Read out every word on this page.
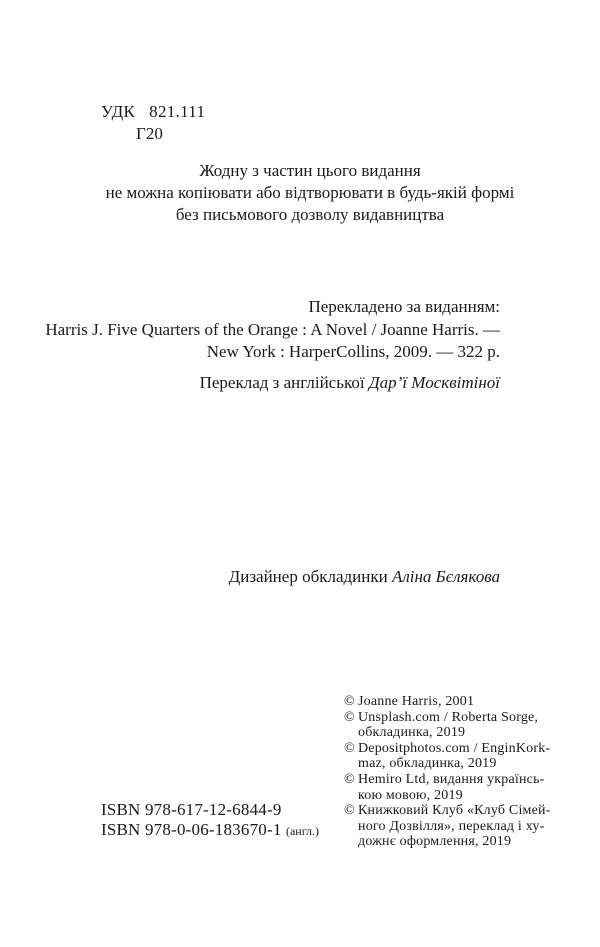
УДК 821.111
Г20
Жодну з частин цього видання
не можна копіювати або відтворювати в будь-якій формі
без письмового дозволу видавництва
Перекладено за виданням:
Harris J. Five Quarters of the Orange : A Novel / Joanne Harris. —
New York : HarperCollins, 2009. — 322 p.
Переклад з англійської Дар’ї Москвітіної
Дизайнер обкладинки Аліна Бєлякова
© Joanne Harris, 2001
© Unsplash.com / Roberta Sorge,
обкладинка, 2019
© Depositphotos.com / EnginKork-
maz, обкладинка, 2019
© Hemiro Ltd, видання українсь-
кою мовою, 2019
© Книжковий Клуб «Клуб Сімей-
ного Дозвілля», переклад і ху-
дожнє оформлення, 2019
ISBN 978-617-12-6844-9
ISBN 978-0-06-183670-1 (англ.)
